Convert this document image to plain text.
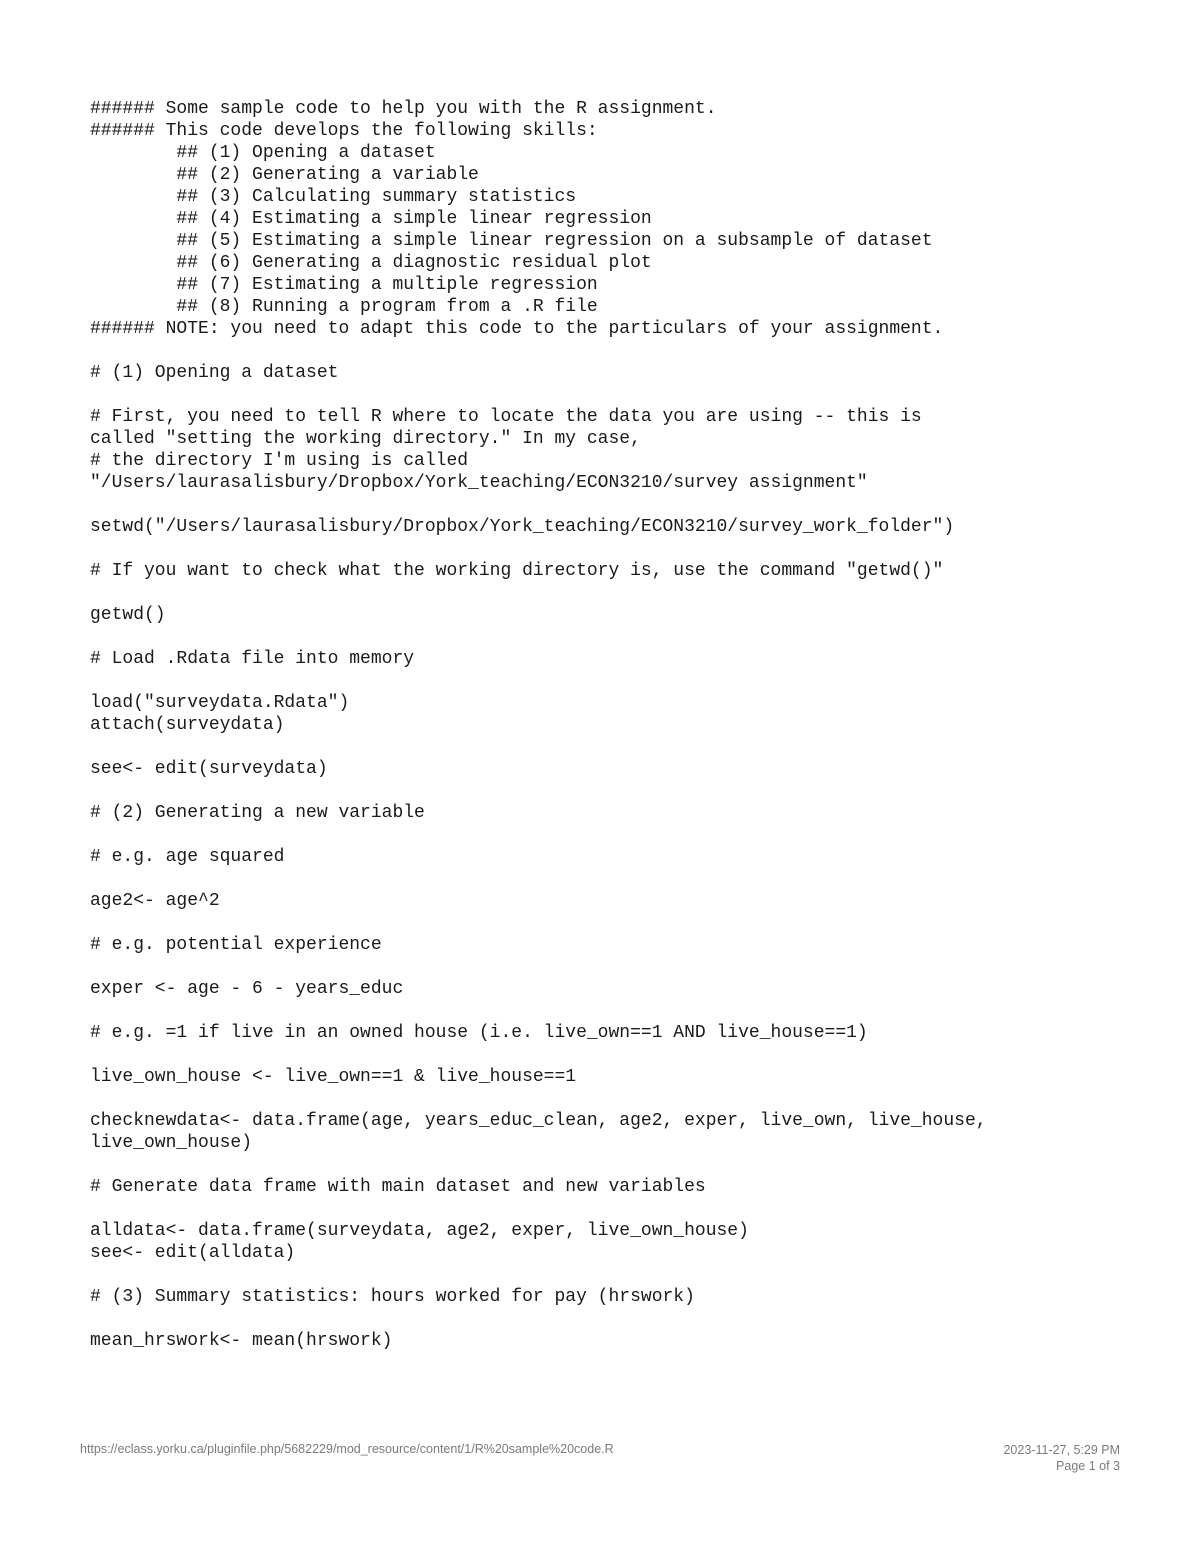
###### Some sample code to help you with the R assignment.
###### This code develops the following skills:
## (1) Opening a dataset
## (2) Generating a variable
## (3) Calculating summary statistics
## (4) Estimating a simple linear regression
## (5) Estimating a simple linear regression on a subsample of dataset
## (6) Generating a diagnostic residual plot
## (7) Estimating a multiple regression
## (8) Running a program from a .R file
###### NOTE: you need to adapt this code to the particulars of your assignment.
# (1) Opening a dataset
# First, you need to tell R where to locate the data you are using -- this is
called "setting the working directory." In my case,
# the directory I'm using is called
"/Users/laurasalisbury/Dropbox/York_teaching/ECON3210/survey assignment"
setwd("/Users/laurasalisbury/Dropbox/York_teaching/ECON3210/survey_work_folder")
# If you want to check what the working directory is, use the command "getwd()"
getwd()
# Load .Rdata file into memory
load("surveydata.Rdata")
attach(surveydata)
see<- edit(surveydata)
# (2) Generating a new variable
# e.g. age squared
age2<- age^2
# e.g. potential experience
exper <- age - 6 - years_educ
# e.g. =1 if live in an owned house (i.e. live_own==1 AND live_house==1)
live_own_house <- live_own==1 & live_house==1
checknewdata<- data.frame(age, years_educ_clean, age2, exper, live_own, live_house,
live_own_house)
# Generate data frame with main dataset and new variables
alldata<- data.frame(surveydata, age2, exper, live_own_house)
see<- edit(alldata)
# (3) Summary statistics: hours worked for pay (hrswork)
mean_hrswork<- mean(hrswork)
https://eclass.yorku.ca/pluginfile.php/5682229/mod_resource/content/1/R%20sample%20code.R	2023-11-27, 5:29 PM
Page 1 of 3
